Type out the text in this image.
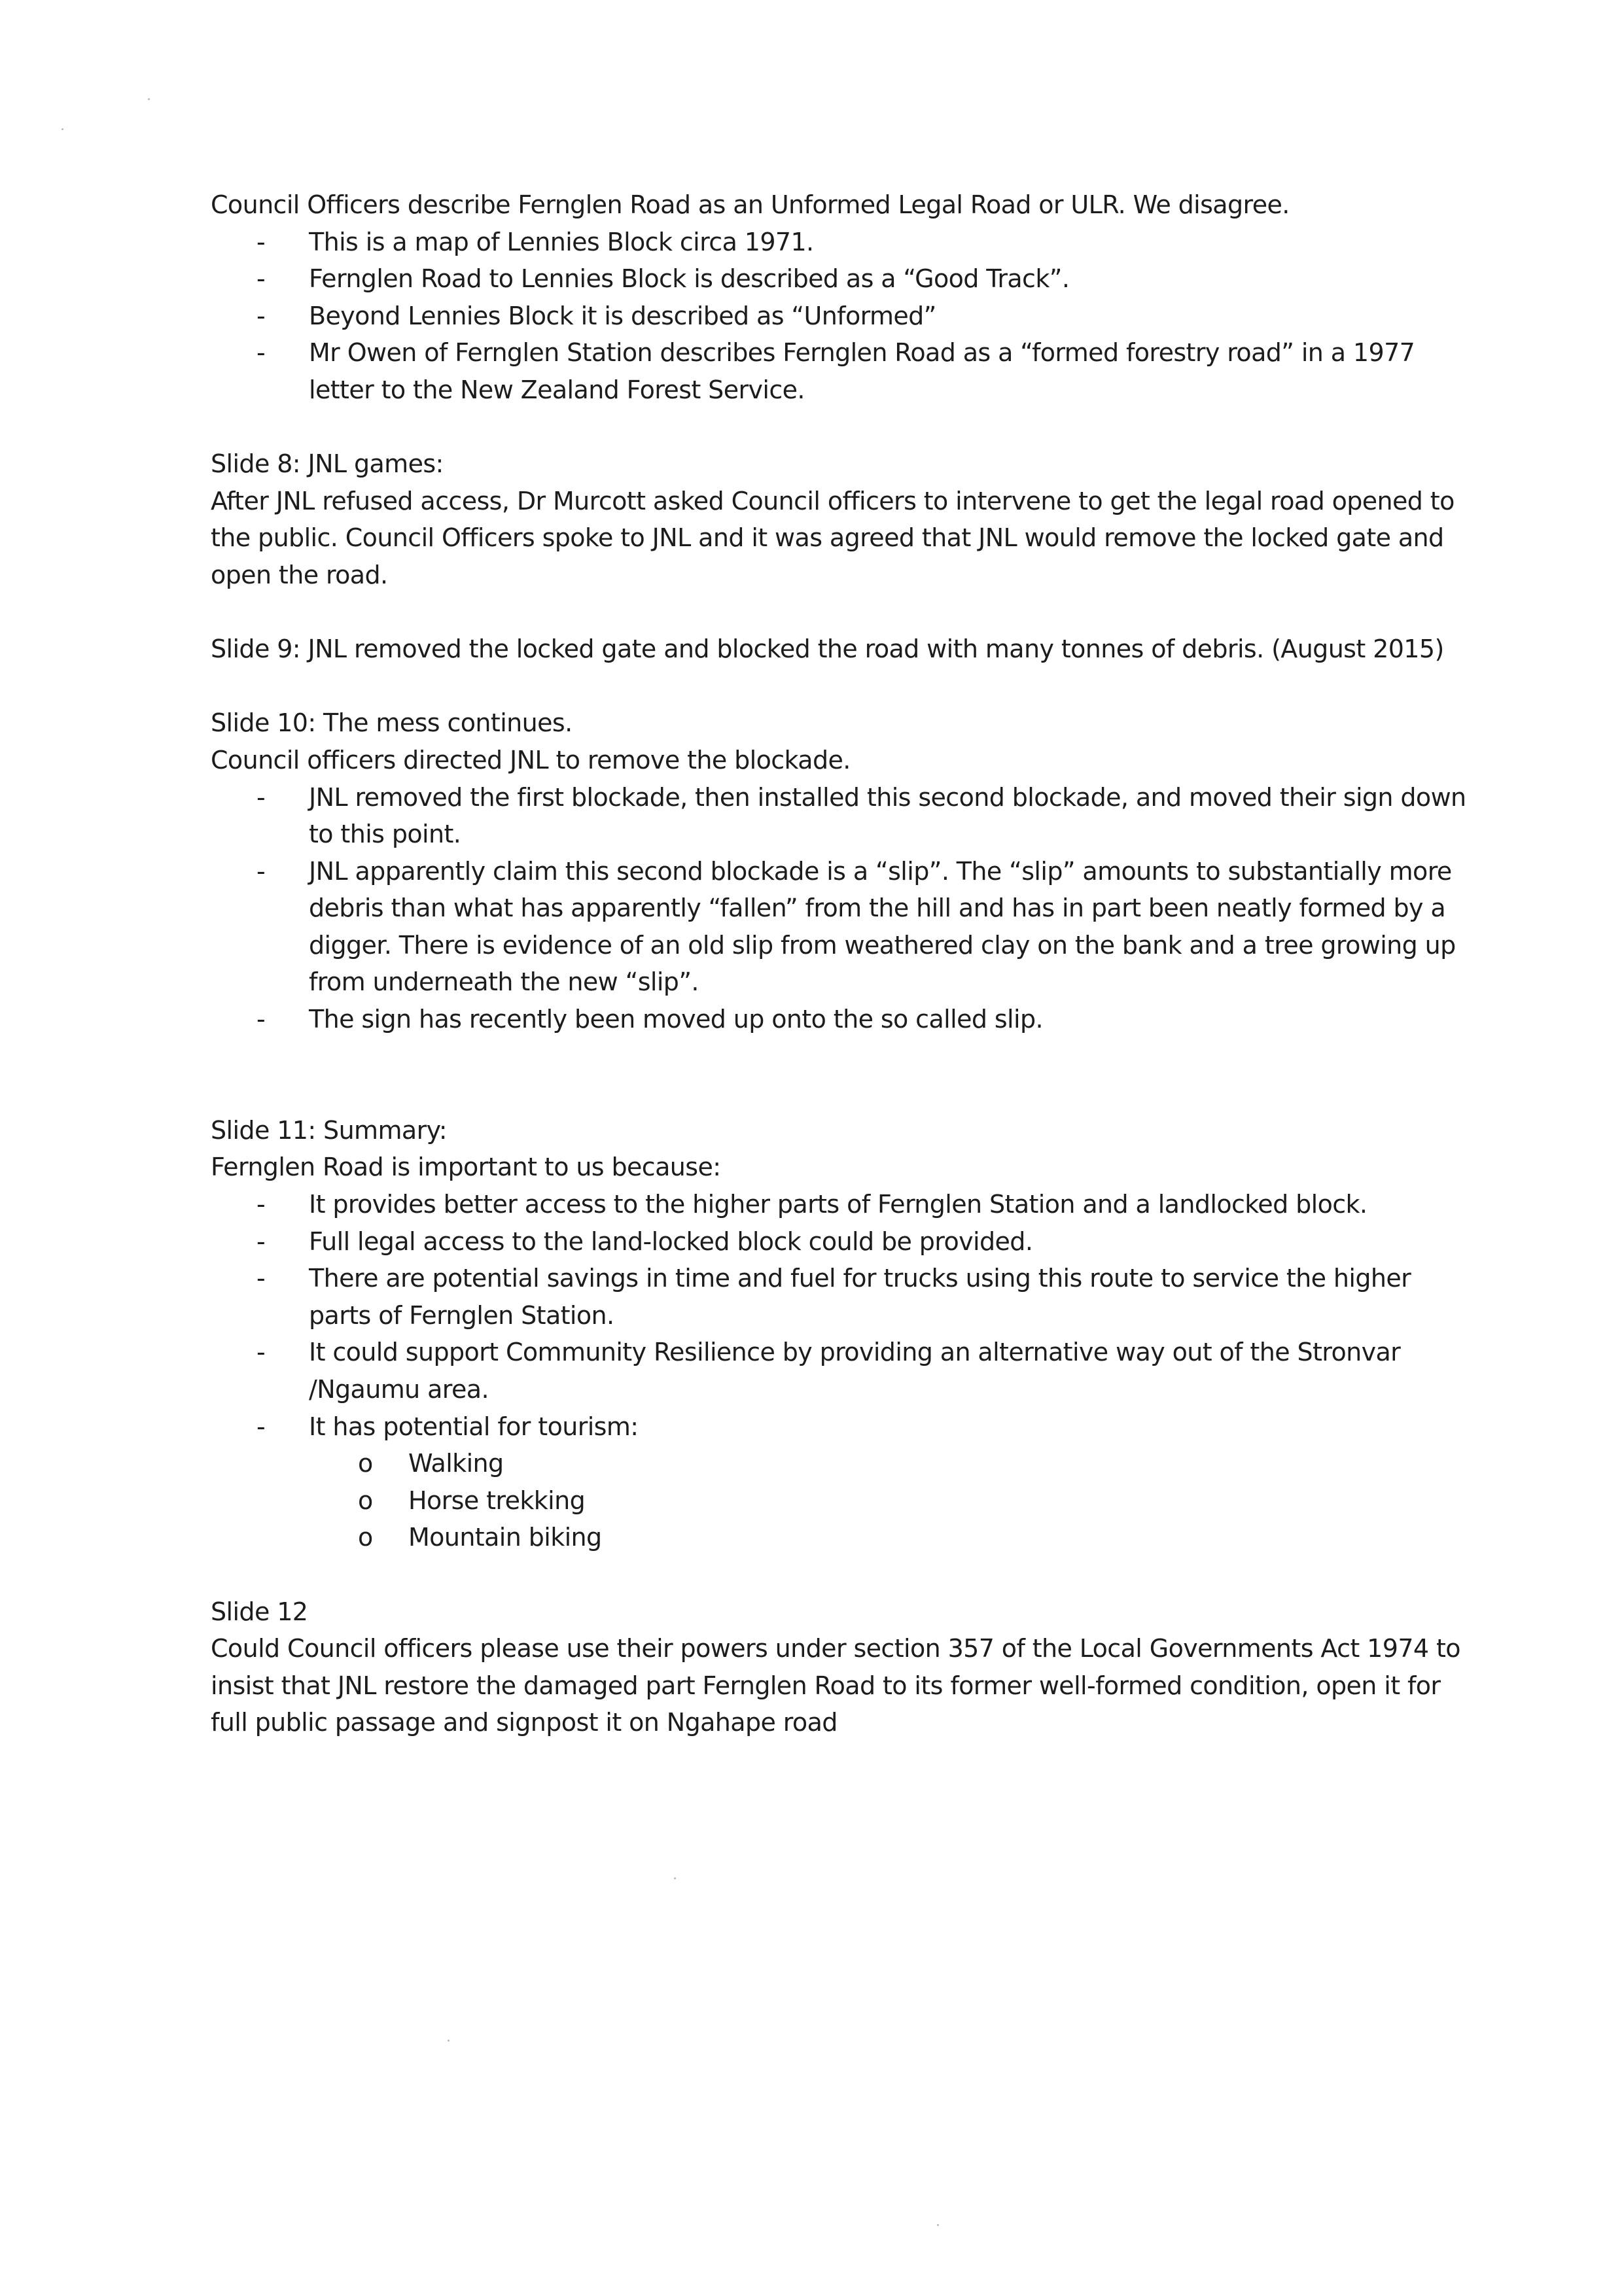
Council Officers describe Fernglen Road as an Unformed Legal Road or ULR. We disagree.

- This is a map of Lennies Block circa 1971.
- Fernglen Road to Lennies Block is described as a “Good Track”.
- Beyond Lennies Block it is described as “Unformed”
- Mr Owen of Fernglen Station describes Fernglen Road as a “formed forestry road” in a 1977 letter to the New Zealand Forest Service.

Slide 8: JNL games:

After JNL refused access, Dr Murcott asked Council officers to intervene to get the legal road opened to the public. Council Officers spoke to JNL and it was agreed that JNL would remove the locked gate and open the road.

Slide 9: JNL removed the locked gate and blocked the road with many tonnes of debris. (August 2015)

Slide 10: The mess continues.

Council officers directed JNL to remove the blockade.

- JNL removed the first blockade, then installed this second blockade, and moved their sign down to this point.
- JNL apparently claim this second blockade is a “slip”. The “slip” amounts to substantially more debris than what has apparently “fallen” from the hill and has in part been neatly formed by a digger. There is evidence of an old slip from weathered clay on the bank and a tree growing up from underneath the new “slip”.
- The sign has recently been moved up onto the so called slip.

Slide 11: Summary:

Fernglen Road is important to us because:

- It provides better access to the higher parts of Fernglen Station and a landlocked block.
- Full legal access to the land-locked block could be provided.
- There are potential savings in time and fuel for trucks using this route to service the higher parts of Fernglen Station.
- It could support Community Resilience by providing an alternative way out of the Stronvar /Ngaumu area.
- It has potential for tourism:
o Walking
o Horse trekking
o Mountain biking

Slide 12

Could Council officers please use their powers under section 357 of the Local Governments Act 1974 to insist that JNL restore the damaged part Fernglen Road to its former well-formed condition, open it for full public passage and signpost it on Ngahape road
